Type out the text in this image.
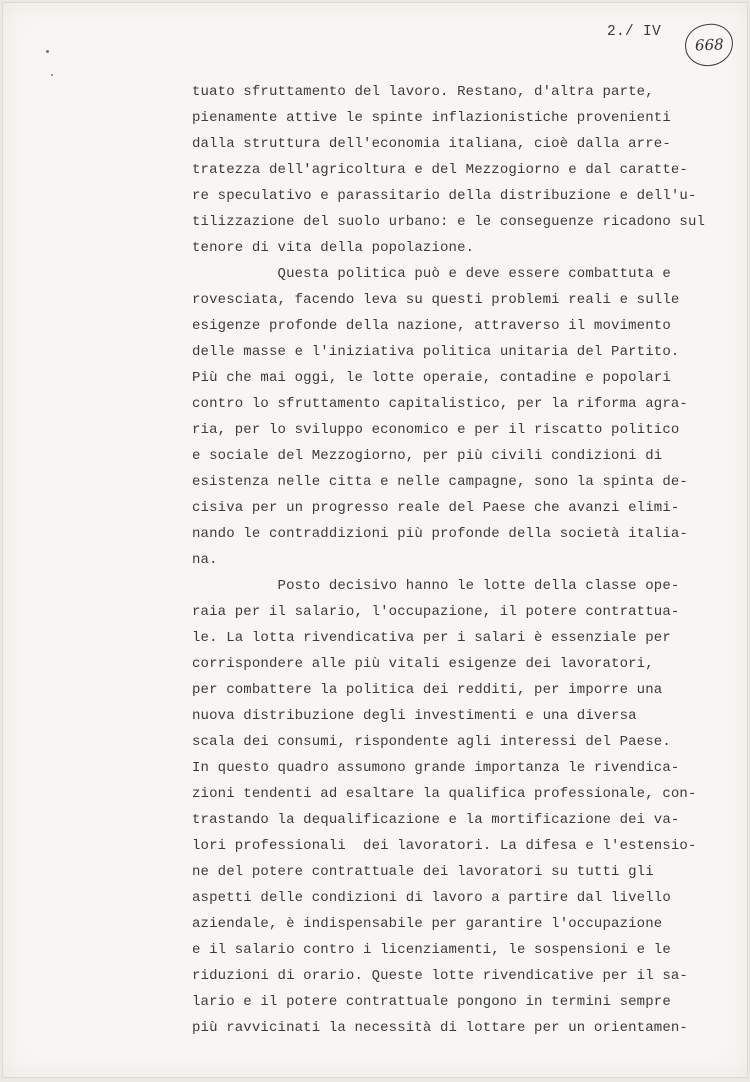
2./ IV
668
tuato sfruttamento del lavoro. Restano, d'altra parte,
pienamente attive le spinte inflazionistiche provenienti
dalla struttura dell'economia italiana, cioè dalla arre-
tratezza dell'agricoltura e del Mezzogiorno e dal caratte-
re speculativo e parassitario della distribuzione e dell'u-
tilizzazione del suolo urbano: e le conseguenze ricadono sul
tenore di vita della popolazione.
Questa politica può e deve essere combattuta e
rovesciata, facendo leva su questi problemi reali e sulle
esigenze profonde della nazione, attraverso il movimento
delle masse e l'iniziativa politica unitaria del Partito.
Più che mai oggi, le lotte operaie, contadine e popolari
contro lo sfruttamento capitalistico, per la riforma agra-
ria, per lo sviluppo economico e per il riscatto politico
e sociale del Mezzogiorno, per più civili condizioni di
esistenza nelle citta e nelle campagne, sono la spinta de-
cisiva per un progresso reale del Paese che avanzi elimi-
nando le contraddizioni più profonde della società italia-
na.
Posto decisivo hanno le lotte della classe ope-
raia per il salario, l'occupazione, il potere contrattua-
le. La lotta rivendicativa per i salari è essenziale per
corrispondere alle più vitali esigenze dei lavoratori,
per combattere la politica dei redditi, per imporre una
nuova distribuzione degli investimenti e una diversa
scala dei consumi, rispondente agli interessi del Paese.
In questo quadro assumono grande importanza le rivendica-
zioni tendenti ad esaltare la qualifica professionale, con-
trastando la dequalificazione e la mortificazione dei va-
lori professionali  dei lavoratori. La difesa e l'estensio-
ne del potere contrattuale dei lavoratori su tutti gli
aspetti delle condizioni di lavoro a partire dal livello
aziendale, è indispensabile per garantire l'occupazione
e il salario contro i licenziamenti, le sospensioni e le
riduzioni di orario. Queste lotte rivendicative per il sa-
lario e il potere contrattuale pongono in termini sempre
più ravvicinati la necessità di lottare per un orientamen-
